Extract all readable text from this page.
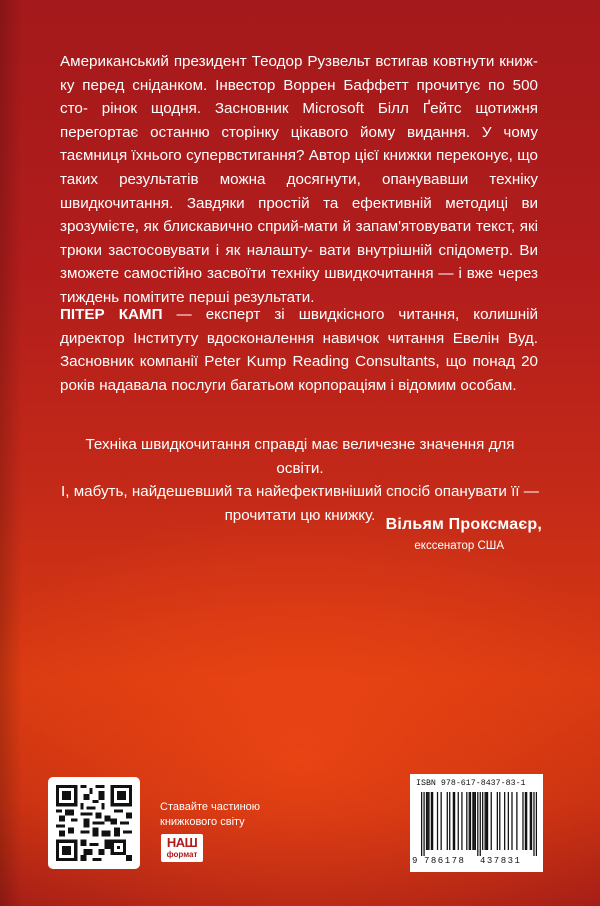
Американський президент Теодор Рузвельт встигав ковтнути книж-ку перед сніданком. Інвестор Воррен Баффетт прочитує по 500 сто- рінок щодня. Засновник Microsoft Білл Ґейтс щотижня перегортає останню сторінку цікавого йому видання. У чому таємниця їхнього супервстигання? Автор цієї книжки переконує, що таких результатів можна досягнути, опанувавши техніку швидкочитання. Завдяки простій та ефективній методиці ви зрозумієте, як блискавично сприй-мати й запам'ятовувати текст, які трюки застосовувати і як налашту- вати внутрішній спідометр. Ви зможете самостійно засвоїти техніку швидкочитання — і вже через тиждень помітите перші результати.

ПІТЕР КАМП — експерт зі швидкісного читання, колишній директор Інституту вдосконалення навичок читання Евелін Вуд. Засновник компанії Peter Kump Reading Consultants, що понад 20 років надавала послуги багатьом корпораціям і відомим особам.

Техніка швидкочитання справді має величезне значення для освіти.
І, мабуть, найдешевший та найефективніший спосіб опанувати її —
прочитати цю книжку.

Вільям Проксмаєр,
екссенатор США
Ставайте частиною
книжкового світу
НАШ
формат
ISBN 978-617-8437-83-1
9 786178 437831
